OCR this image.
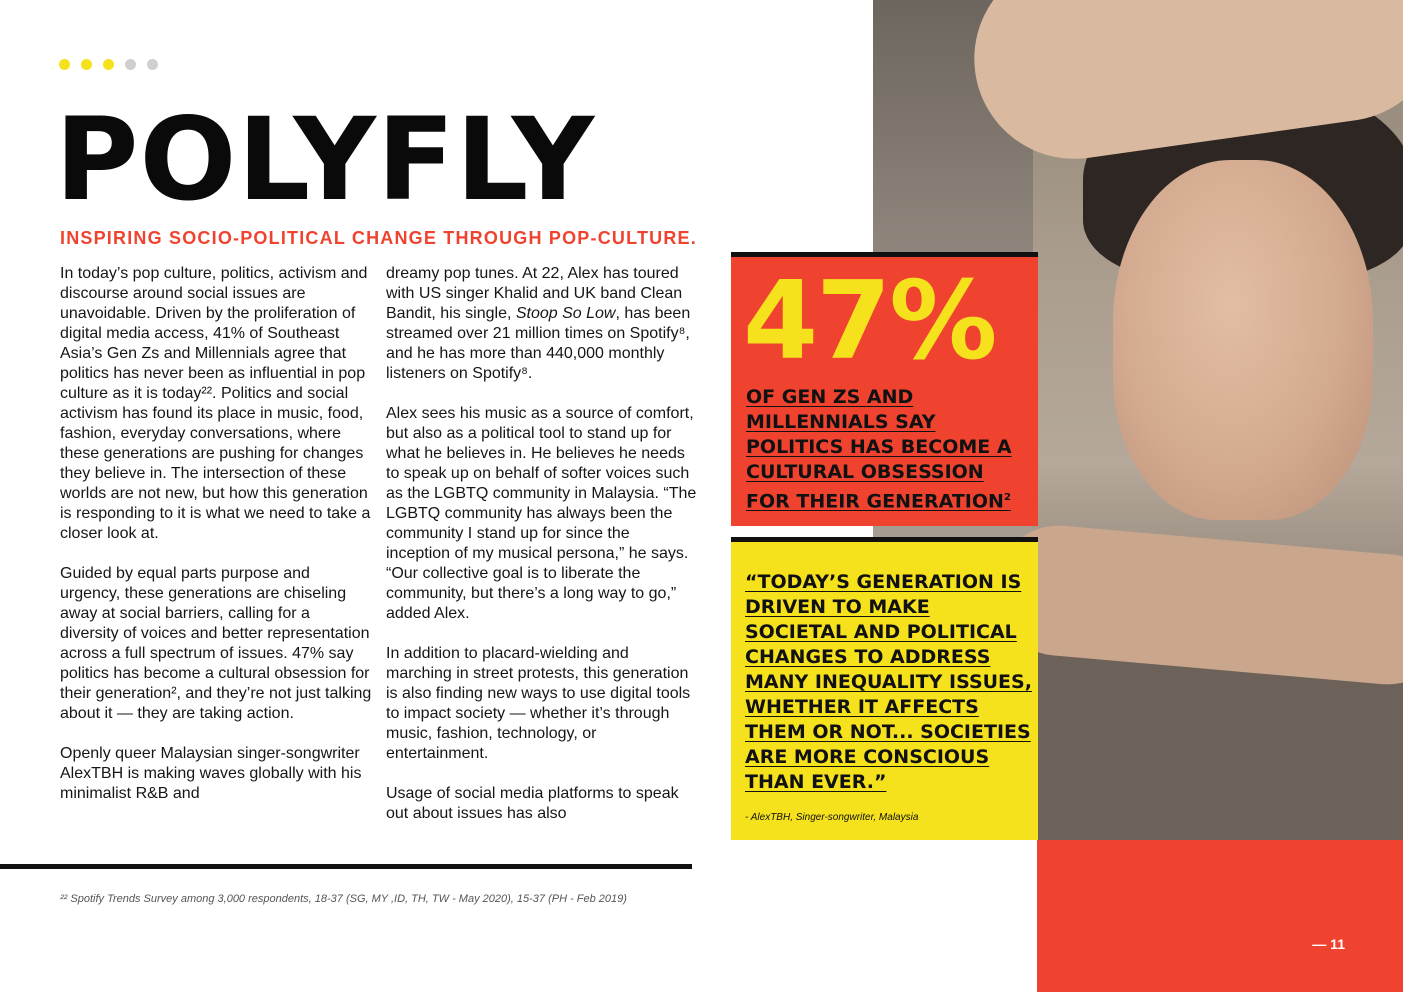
POLYFLY
INSPIRING SOCIO-POLITICAL CHANGE THROUGH POP-CULTURE.

In today’s pop culture, politics, activism and discourse around social issues are unavoidable. Driven by the proliferation of digital media access, 41% of Southeast Asia’s Gen Zs and Millennials agree that politics has never been as influential in pop culture as it is today²². Politics and social activism has found its place in music, food, fashion, everyday conversations, where these generations are pushing for changes they believe in. The intersection of these worlds are not new, but how this generation is responding to it is what we need to take a closer look at.

Guided by equal parts purpose and urgency, these generations are chiseling away at social barriers, calling for a diversity of voices and better representation across a full spectrum of issues. 47% say politics has become a cultural obsession for their generation², and they’re not just talking about it — they are taking action.

Openly queer Malaysian singer-songwriter AlexTBH is making waves globally with his minimalist R&B and

dreamy pop tunes. At 22, Alex has toured with US singer Khalid and UK band Clean Bandit, his single, Stoop So Low, has been streamed over 21 million times on Spotify⁸, and he has more than 440,000 monthly listeners on Spotify⁸.

Alex sees his music as a source of comfort, but also as a political tool to stand up for what he believes in. He believes he needs to speak up on behalf of softer voices such as the LGBTQ community in Malaysia. “The LGBTQ community has always been the community I stand up for since the inception of my musical persona,” he says. “Our collective goal is to liberate the community, but there’s a long way to go,” added Alex.

In addition to placard-wielding and marching in street protests, this generation is also finding new ways to use digital tools to impact society — whether it’s through music, fashion, technology, or entertainment.

Usage of social media platforms to speak out about issues has also

²² Spotify Trends Survey among 3,000 respondents, 18-37 (SG, MY ,ID, TH, TW - May 2020), 15-37 (PH - Feb 2019)

— 11

47%

OF GEN ZS AND MILLENNIALS SAY POLITICS HAS BECOME A CULTURAL OBSESSION FOR THEIR GENERATION$^2$

“TODAY’S GENERATION IS DRIVEN TO MAKE SOCIETAL AND POLITICAL CHANGES TO ADDRESS MANY INEQUALITY ISSUES, WHETHER IT AFFECTS THEM OR NOT... SOCIETIES ARE MORE CONSCIOUS THAN EVER.”

- AlexTBH, Singer-songwriter, Malaysia
